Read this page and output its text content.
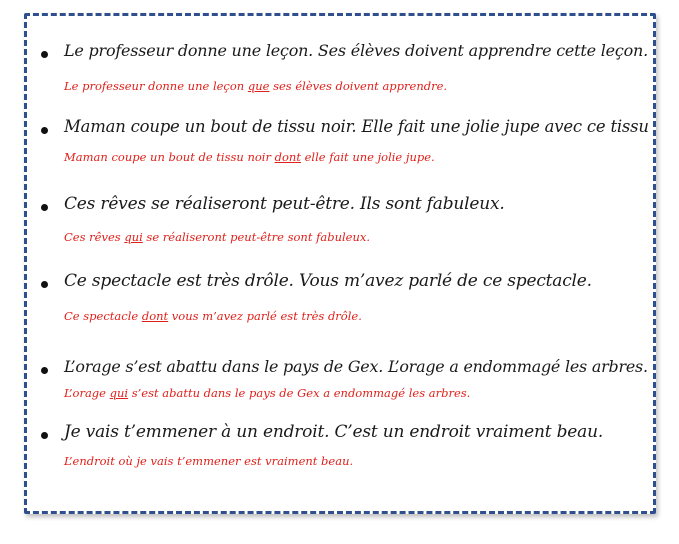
Le professeur donne une leçon. Ses élèves doivent apprendre cette leçon.
Le professeur donne une leçon que ses élèves doivent apprendre.
Maman coupe un bout de tissu noir. Elle fait une jolie jupe avec ce tissu
Maman coupe un bout de tissu noir dont elle fait une jolie jupe.
Ces rêves se réaliseront peut-être. Ils sont fabuleux.
Ces rêves qui se réaliseront peut-être sont fabuleux.
Ce spectacle est très drôle. Vous m’avez parlé de ce spectacle.
Ce spectacle dont vous m’avez parlé est très drôle.
L’orage s’est abattu dans le pays de Gex. L’orage a endommagé les arbres.
L’orage qui s’est abattu dans le pays de Gex a endommagé les arbres.
Je vais t’emmener à un endroit. C’est un endroit vraiment beau.
L’endroit où je vais t’emmener est vraiment beau.
